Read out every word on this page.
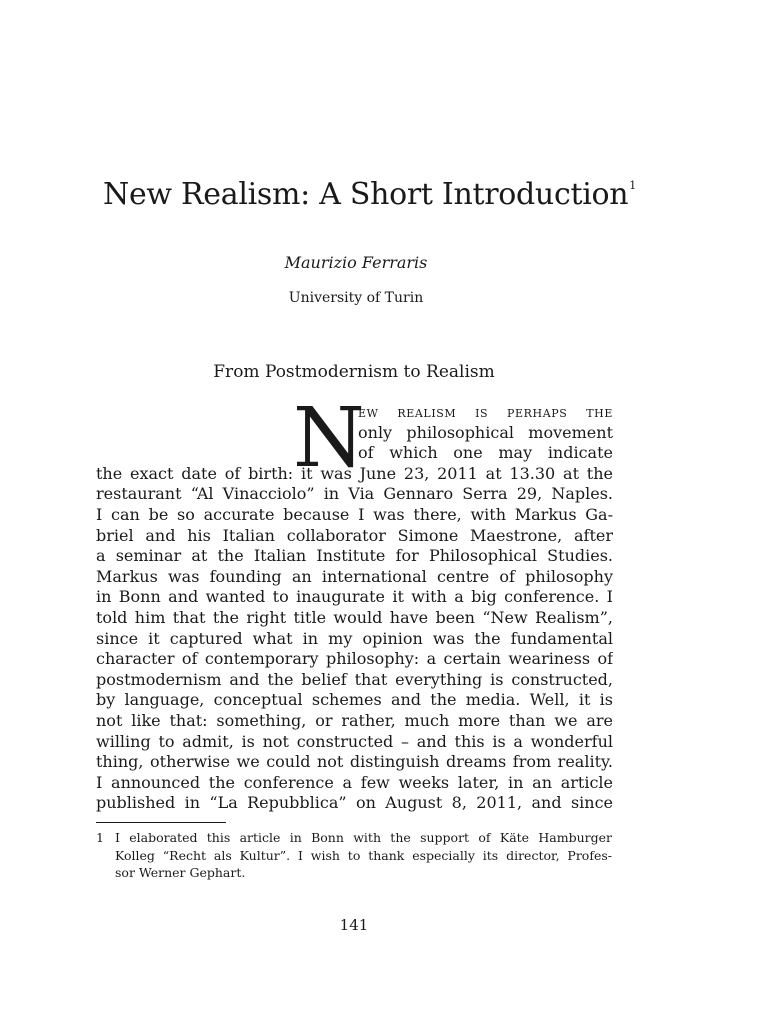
New Realism: A Short Introduction$^1$
Maurizio Ferraris
University of Turin
From Postmodernism to Realism
N
ew realism is perhaps the
only philosophical movement
of which one may indicate
the exact date of birth: it was June 23, 2011 at 13.30 at the
restaurant “Al Vinacciolo” in Via Gennaro Serra 29, Naples.
I can be so accurate because I was there, with Markus Ga-
briel and his Italian collaborator Simone Maestrone, after
a seminar at the Italian Institute for Philosophical Studies.
Markus was founding an international centre of philosophy
in Bonn and wanted to inaugurate it with a big conference. I
told him that the right title would have been “New Realism”,
since it captured what in my opinion was the fundamental
character of contemporary philosophy: a certain weariness of
postmodernism and the belief that everything is constructed,
by language, conceptual schemes and the media. Well, it is
not like that: something, or rather, much more than we are
willing to admit, is not constructed – and this is a wonderful
thing, otherwise we could not distinguish dreams from reality.
I announced the conference a few weeks later, in an article
published in “La Repubblica” on August 8, 2011, and since
1 I elaborated this article in Bonn with the support of Käte Hamburger
Kolleg “Recht als Kultur”. I wish to thank especially its director, Profes-
sor Werner Gephart.
141
